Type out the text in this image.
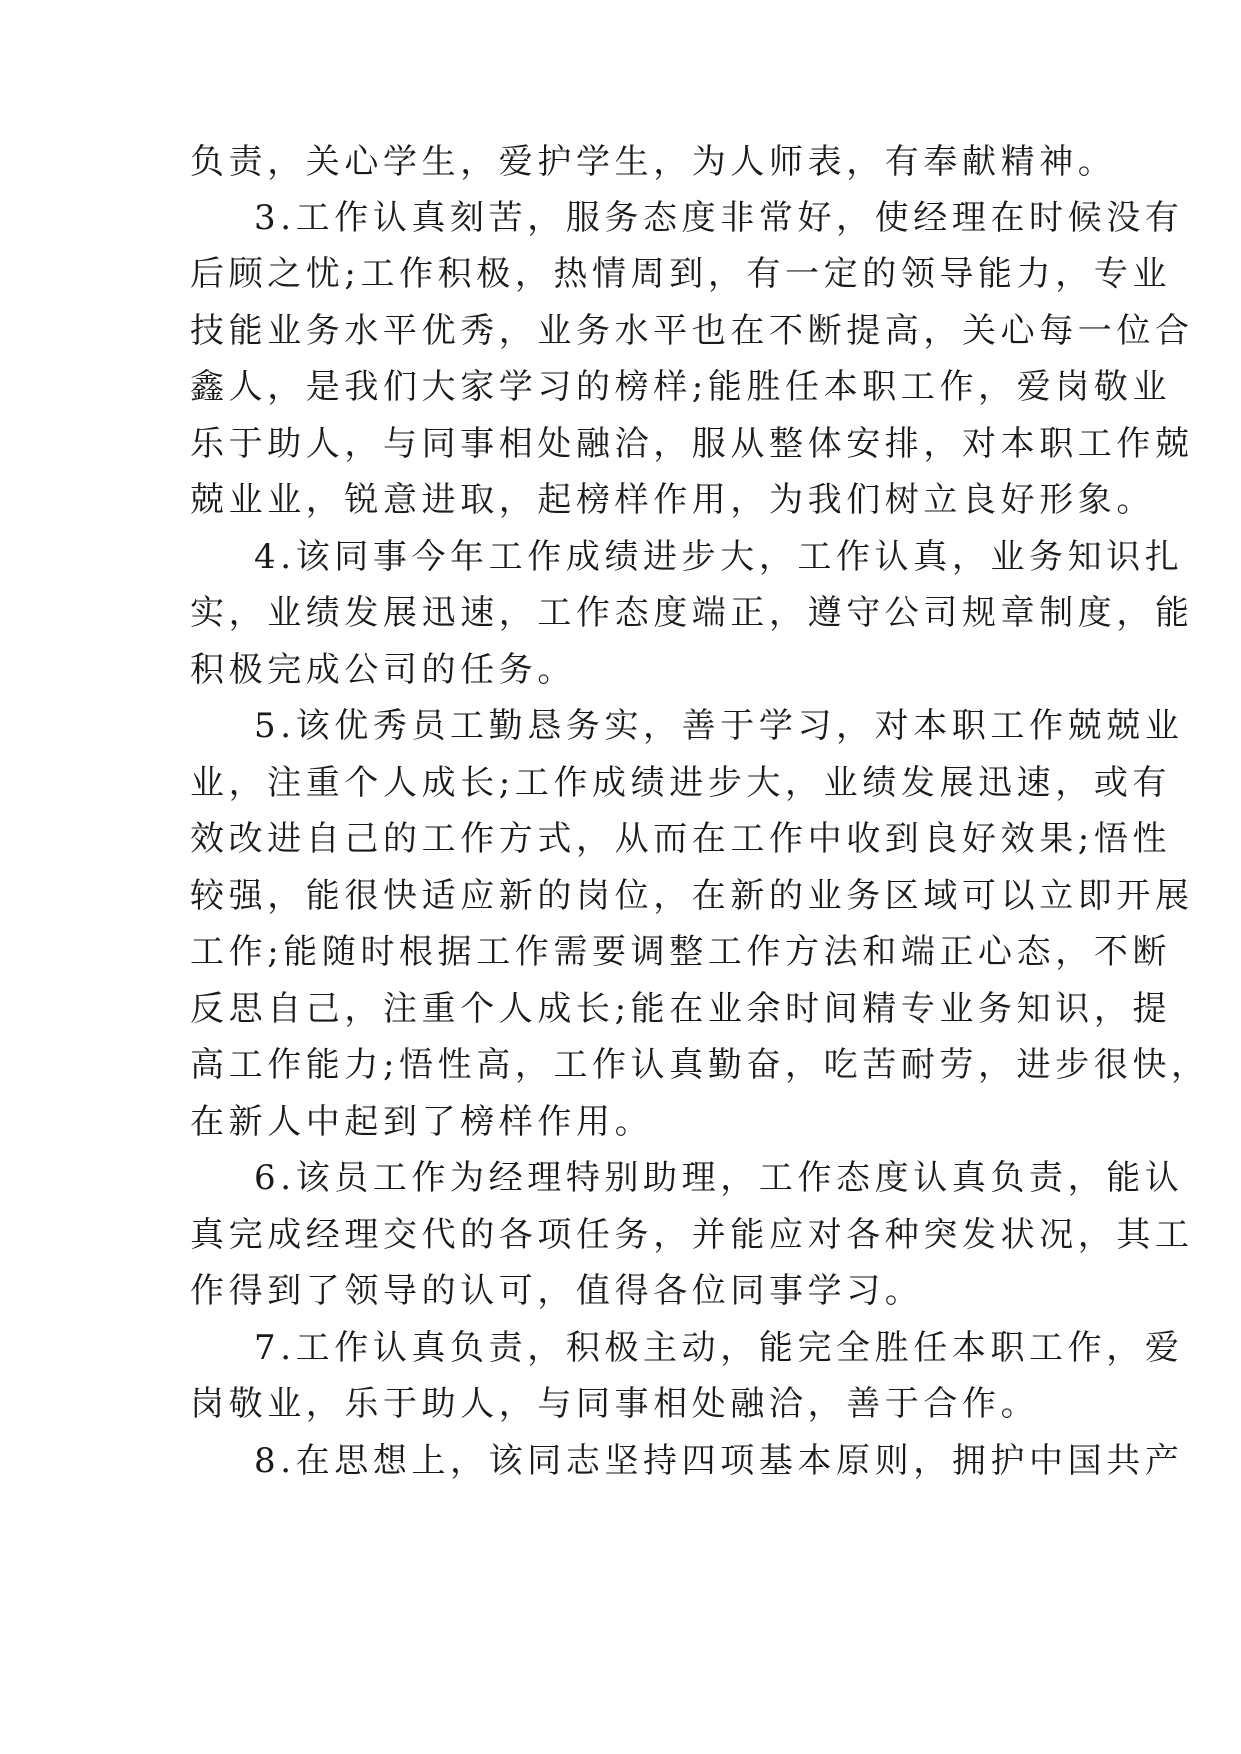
负责，关心学生，爱护学生，为人师表，有奉献精神。
3.工作认真刻苦，服务态度非常好，使经理在时候没有
后顾之忧;工作积极，热情周到，有一定的领导能力，专业
技能业务水平优秀，业务水平也在不断提高，关心每一位合
鑫人，是我们大家学习的榜样;能胜任本职工作，爱岗敬业
乐于助人，与同事相处融洽，服从整体安排，对本职工作兢
兢业业，锐意进取，起榜样作用，为我们树立良好形象。
4.该同事今年工作成绩进步大，工作认真，业务知识扎
实，业绩发展迅速，工作态度端正，遵守公司规章制度，能
积极完成公司的任务。
5.该优秀员工勤恳务实，善于学习，对本职工作兢兢业
业，注重个人成长;工作成绩进步大，业绩发展迅速，或有
效改进自己的工作方式，从而在工作中收到良好效果;悟性
较强，能很快适应新的岗位，在新的业务区域可以立即开展
工作;能随时根据工作需要调整工作方法和端正心态，不断
反思自己，注重个人成长;能在业余时间精专业务知识，提
高工作能力;悟性高，工作认真勤奋，吃苦耐劳，进步很快，
在新人中起到了榜样作用。
6.该员工作为经理特别助理，工作态度认真负责，能认
真完成经理交代的各项任务，并能应对各种突发状况，其工
作得到了领导的认可，值得各位同事学习。
7.工作认真负责，积极主动，能完全胜任本职工作，爱
岗敬业，乐于助人，与同事相处融洽，善于合作。
8.在思想上，该同志坚持四项基本原则，拥护中国共产
